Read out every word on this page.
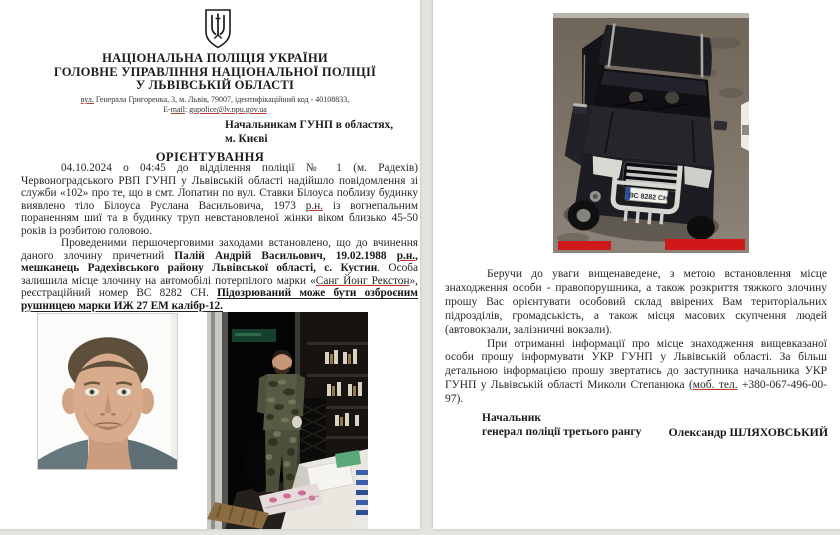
НАЦІОНАЛЬНА ПОЛІЦІЯ УКРАЇНИ
ГОЛОВНЕ УПРАВЛІННЯ НАЦІОНАЛЬНОЇ ПОЛІЦІЇ
У ЛЬВІВСЬКІЙ ОБЛАСТІ
вул. Генерала Григоренка, 3, м. Львів, 79007, ідентифікаційний код - 40108833,
E-mail: gupolice@lv.npu.gov.ua
Начальникам ГУНП в областях,
м. Києві
ОРІЄНТУВАННЯ

04.10.2024 о 04:45 до відділення поліції № 1 (м. Радехів) Червоноградського РВП ГУНП у Львівській області надійшло повідомлення зі служби «102» про те, що в смт. Лопатин по вул. Ставки Білоуса поблизу будинку виявлено тіло Білоуса Руслана Васильовича, 1973 р.н. із вогнепальним пораненням шиї та в будинку труп невстановленої жінки віком близько 45-50 років із розбитою головою.

Проведеними першочерговими заходами встановлено, що до вчинення даного злочину причетний Палій Андрій Васильович, 19.02.1988 р.н., мешканець Радехівського району Львівської області, с. Кустин. Особа залишила місце злочину на автомобілі потерпілого марки «Санг Йонг Рекстон», реєстраційний номер ВС 8282 СН. Підозрюваний може бути озброєним рушницею марки ИЖ 27 ЕМ калібр-12.

ВС 8282 СН

Беручи до уваги вищенаведене, з метою встановлення місце знаходження особи - правопорушника, а також розкриття тяжкого злочину прошу Вас орієнтувати особовий склад ввірених Вам територіальних підрозділів, громадськість, а також місця масових скупчення людей (автовокзали, залізничні вокзали).

При отриманні інформації про місце знаходження вищевказаної особи прошу інформувати УКР ГУНП у Львівській області. За більш детальною інформацією прошу звертатись до заступника начальника УКР ГУНП у Львівській області Миколи Степанюка (моб. тел. +380-067-496-00-97).

Начальник
генерал поліції третього рангу	Олександр ШЛЯХОВСЬКИЙ
